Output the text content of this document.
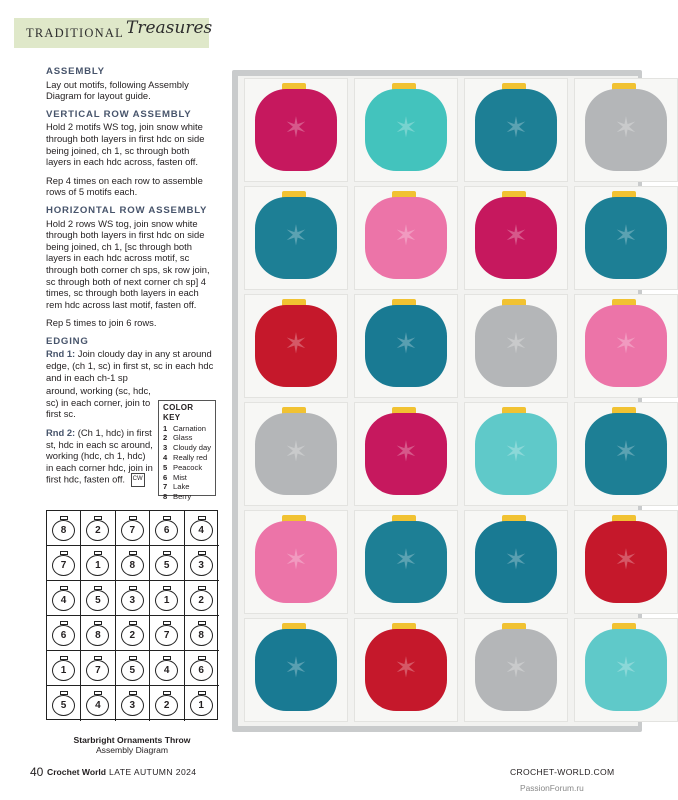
TRADITIONAL Treasures
ASSEMBLY
Lay out motifs, following Assembly Diagram for layout guide.
VERTICAL ROW ASSEMBLY
Hold 2 motifs WS tog, join snow white through both layers in first hdc on side being joined, ch 1, sc through both layers in each hdc across, fasten off.
Rep 4 times on each row to assemble rows of 5 motifs each.
HORIZONTAL ROW ASSEMBLY
Hold 2 rows WS tog, join snow white through both layers in first hdc on side being joined, ch 1, [sc through both layers in each hdc across motif, sc through both corner ch sps, sk row join, sc through both of next corner ch sp] 4 times, sc through both layers in each rem hdc across last motif, fasten off.
Rep 5 times to join 6 rows.
EDGING
Rnd 1: Join cloudy day in any st around edge, (ch 1, sc) in first st, sc in each hdc and in each ch-1 sp
around, working (sc, hdc, sc) in each corner, join to first sc.
Rnd 2: (Ch 1, hdc) in first st, hdc in each sc around, working (hdc, ch 1, hdc) in each corner hdc, join in first hdc, fasten off. CW
COLOR KEY
1 Carnation
2 Glass
3 Cloudy day
4 Really red
5 Peacock
6 Mist
7 Lake
8 Berry
8	2	7	6	4
7	1	8	5	3
4	5	3	1	2
6	8	2	7	8
1	7	5	4	6
5	4	3	2	1
Starbright Ornaments Throw
Assembly Diagram
✶	✶	✶	✶
✶	✶	✶	✶
✶	✶	✶	✶
✶	✶	✶	✶
✶	✶	✶	✶
✶	✶	✶	✶
40 Crochet World LATE AUTUMN 2024	CROCHET-WORLD.COM
PassionForum.ru
